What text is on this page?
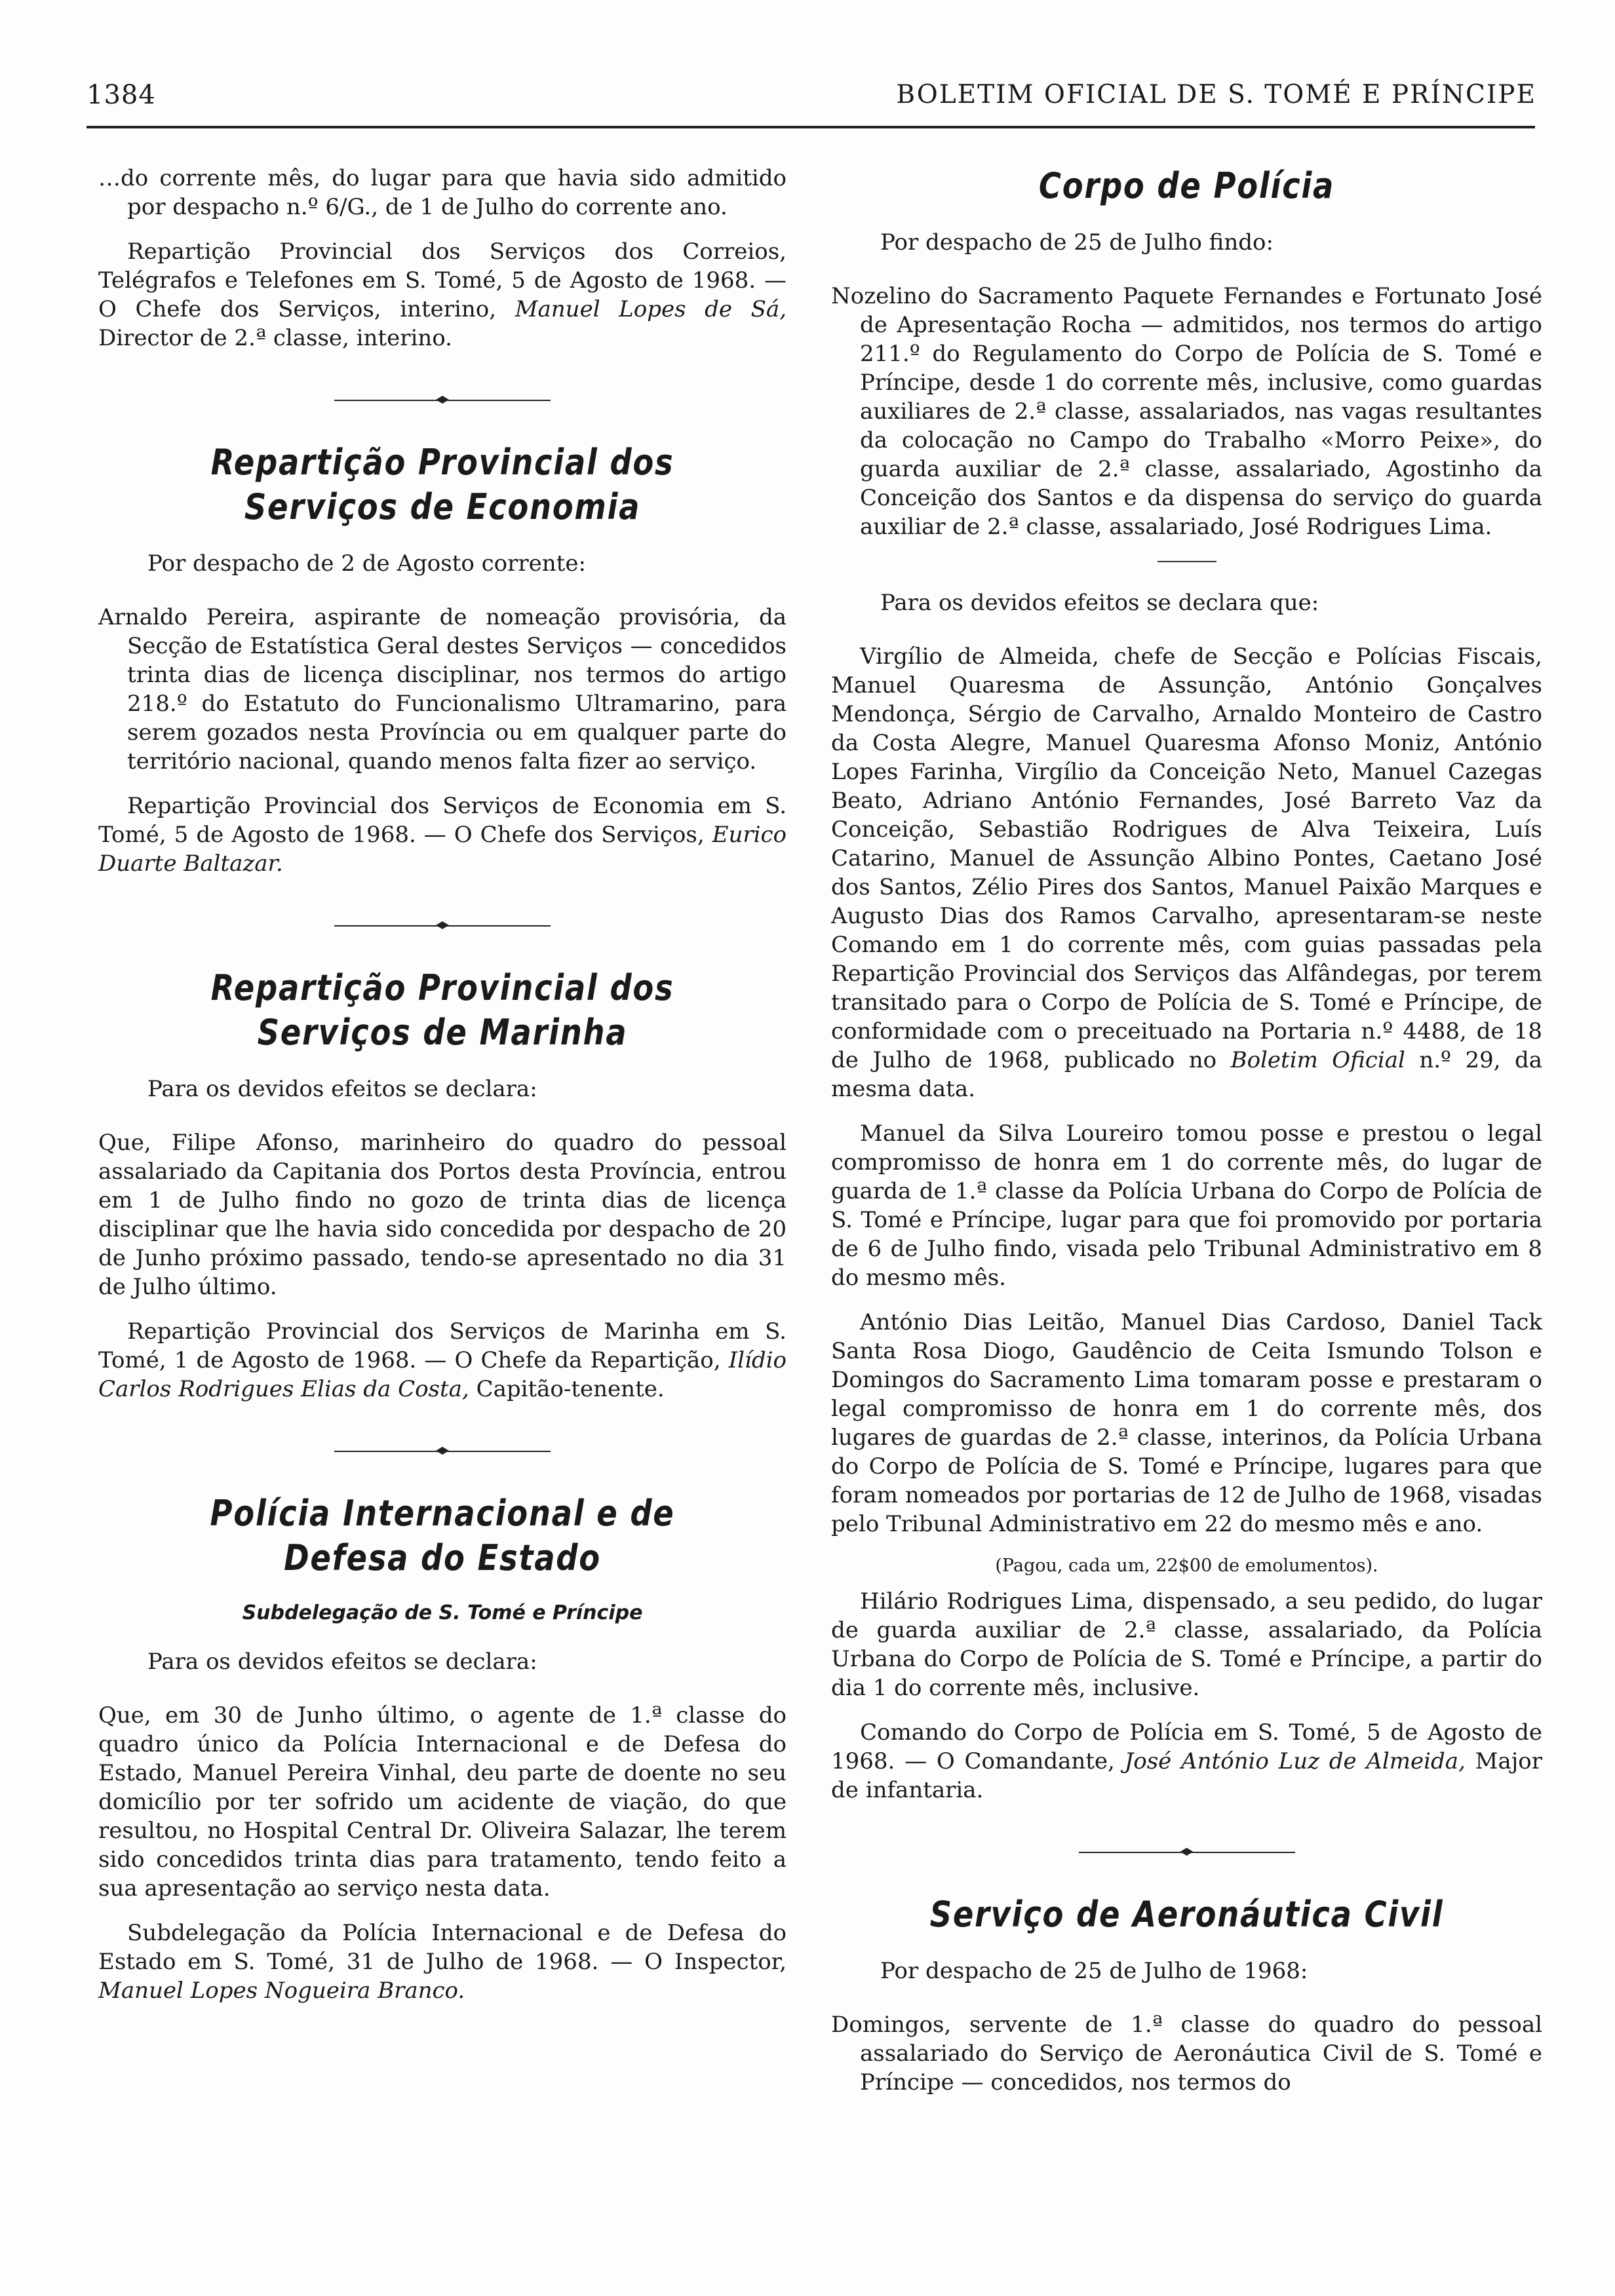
1384	BOLETIM OFICIAL DE S. TOMÉ E PRÍNCIPE

…do corrente mês, do lugar para que havia sido admitido por despacho n.º 6/G., de 1 de Julho do corrente ano.

Repartição Provincial dos Serviços dos Correios, Telégrafos e Telefones em S. Tomé, 5 de Agosto de 1968. — O Chefe dos Serviços, interino, Manuel Lopes de Sá, Director de 2.ª classe, interino.

Repartição Provincial dos Serviços de Economia

Por despacho de 2 de Agosto corrente:

Arnaldo Pereira, aspirante de nomeação provisória, da Secção de Estatística Geral destes Serviços — concedidos trinta dias de licença disciplinar, nos termos do artigo 218.º do Estatuto do Funcionalismo Ultramarino, para serem gozados nesta Província ou em qualquer parte do território nacional, quando menos falta fizer ao serviço.

Repartição Provincial dos Serviços de Economia em S. Tomé, 5 de Agosto de 1968. — O Chefe dos Serviços, Eurico Duarte Baltazar.

Repartição Provincial dos Serviços de Marinha

Para os devidos efeitos se declara:

Que, Filipe Afonso, marinheiro do quadro do pessoal assalariado da Capitania dos Portos desta Província, entrou em 1 de Julho findo no gozo de trinta dias de licença disciplinar que lhe havia sido concedida por despacho de 20 de Junho próximo passado, tendo-se apresentado no dia 31 de Julho último.

Repartição Provincial dos Serviços de Marinha em S. Tomé, 1 de Agosto de 1968. — O Chefe da Repartição, Ilídio Carlos Rodrigues Elias da Costa, Capitão-tenente.

Polícia Internacional e de Defesa do Estado
Subdelegação de S. Tomé e Príncipe

Para os devidos efeitos se declara:

Que, em 30 de Junho último, o agente de 1.ª classe do quadro único da Polícia Internacional e de Defesa do Estado, Manuel Pereira Vinhal, deu parte de doente no seu domicílio por ter sofrido um acidente de viação, do que resultou, no Hospital Central Dr. Oliveira Salazar, lhe terem sido concedidos trinta dias para tratamento, tendo feito a sua apresentação ao serviço nesta data.

Subdelegação da Polícia Internacional e de Defesa do Estado em S. Tomé, 31 de Julho de 1968. — O Inspector, Manuel Lopes Nogueira Branco.

Corpo de Polícia

Por despacho de 25 de Julho findo:

Nozelino do Sacramento Paquete Fernandes e Fortunato José de Apresentação Rocha — admitidos, nos termos do artigo 211.º do Regulamento do Corpo de Polícia de S. Tomé e Príncipe, desde 1 do corrente mês, inclusive, como guardas auxiliares de 2.ª classe, assalariados, nas vagas resultantes da colocação no Campo do Trabalho «Morro Peixe», do guarda auxiliar de 2.ª classe, assalariado, Agostinho da Conceição dos Santos e da dispensa do serviço do guarda auxiliar de 2.ª classe, assalariado, José Rodrigues Lima.

Para os devidos efeitos se declara que:

Virgílio de Almeida, chefe de Secção e Polícias Fiscais, Manuel Quaresma de Assunção, António Gonçalves Mendonça, Sérgio de Carvalho, Arnaldo Monteiro de Castro da Costa Alegre, Manuel Quaresma Afonso Moniz, António Lopes Farinha, Virgílio da Conceição Neto, Manuel Cazegas Beato, Adriano António Fernandes, José Barreto Vaz da Conceição, Sebastião Rodrigues de Alva Teixeira, Luís Catarino, Manuel de Assunção Albino Pontes, Caetano José dos Santos, Zélio Pires dos Santos, Manuel Paixão Marques e Augusto Dias dos Ramos Carvalho, apresentaram-se neste Comando em 1 do corrente mês, com guias passadas pela Repartição Provincial dos Serviços das Alfândegas, por terem transitado para o Corpo de Polícia de S. Tomé e Príncipe, de conformidade com o preceituado na Portaria n.º 4488, de 18 de Julho de 1968, publicado no Boletim Oficial n.º 29, da mesma data.

Manuel da Silva Loureiro tomou posse e prestou o legal compromisso de honra em 1 do corrente mês, do lugar de guarda de 1.ª classe da Polícia Urbana do Corpo de Polícia de S. Tomé e Príncipe, lugar para que foi promovido por portaria de 6 de Julho findo, visada pelo Tribunal Administrativo em 8 do mesmo mês.

António Dias Leitão, Manuel Dias Cardoso, Daniel Tack Santa Rosa Diogo, Gaudêncio de Ceita Ismundo Tolson e Domingos do Sacramento Lima tomaram posse e prestaram o legal compromisso de honra em 1 do corrente mês, dos lugares de guardas de 2.ª classe, interinos, da Polícia Urbana do Corpo de Polícia de S. Tomé e Príncipe, lugares para que foram nomeados por portarias de 12 de Julho de 1968, visadas pelo Tribunal Administrativo em 22 do mesmo mês e ano.

(Pagou, cada um, 22$00 de emolumentos).

Hilário Rodrigues Lima, dispensado, a seu pedido, do lugar de guarda auxiliar de 2.ª classe, assalariado, da Polícia Urbana do Corpo de Polícia de S. Tomé e Príncipe, a partir do dia 1 do corrente mês, inclusive.

Comando do Corpo de Polícia em S. Tomé, 5 de Agosto de 1968. — O Comandante, José António Luz de Almeida, Major de infantaria.

Serviço de Aeronáutica Civil

Por despacho de 25 de Julho de 1968:

Domingos, servente de 1.ª classe do quadro do pessoal assalariado do Serviço de Aeronáutica Civil de S. Tomé e Príncipe — concedidos, nos termos do
